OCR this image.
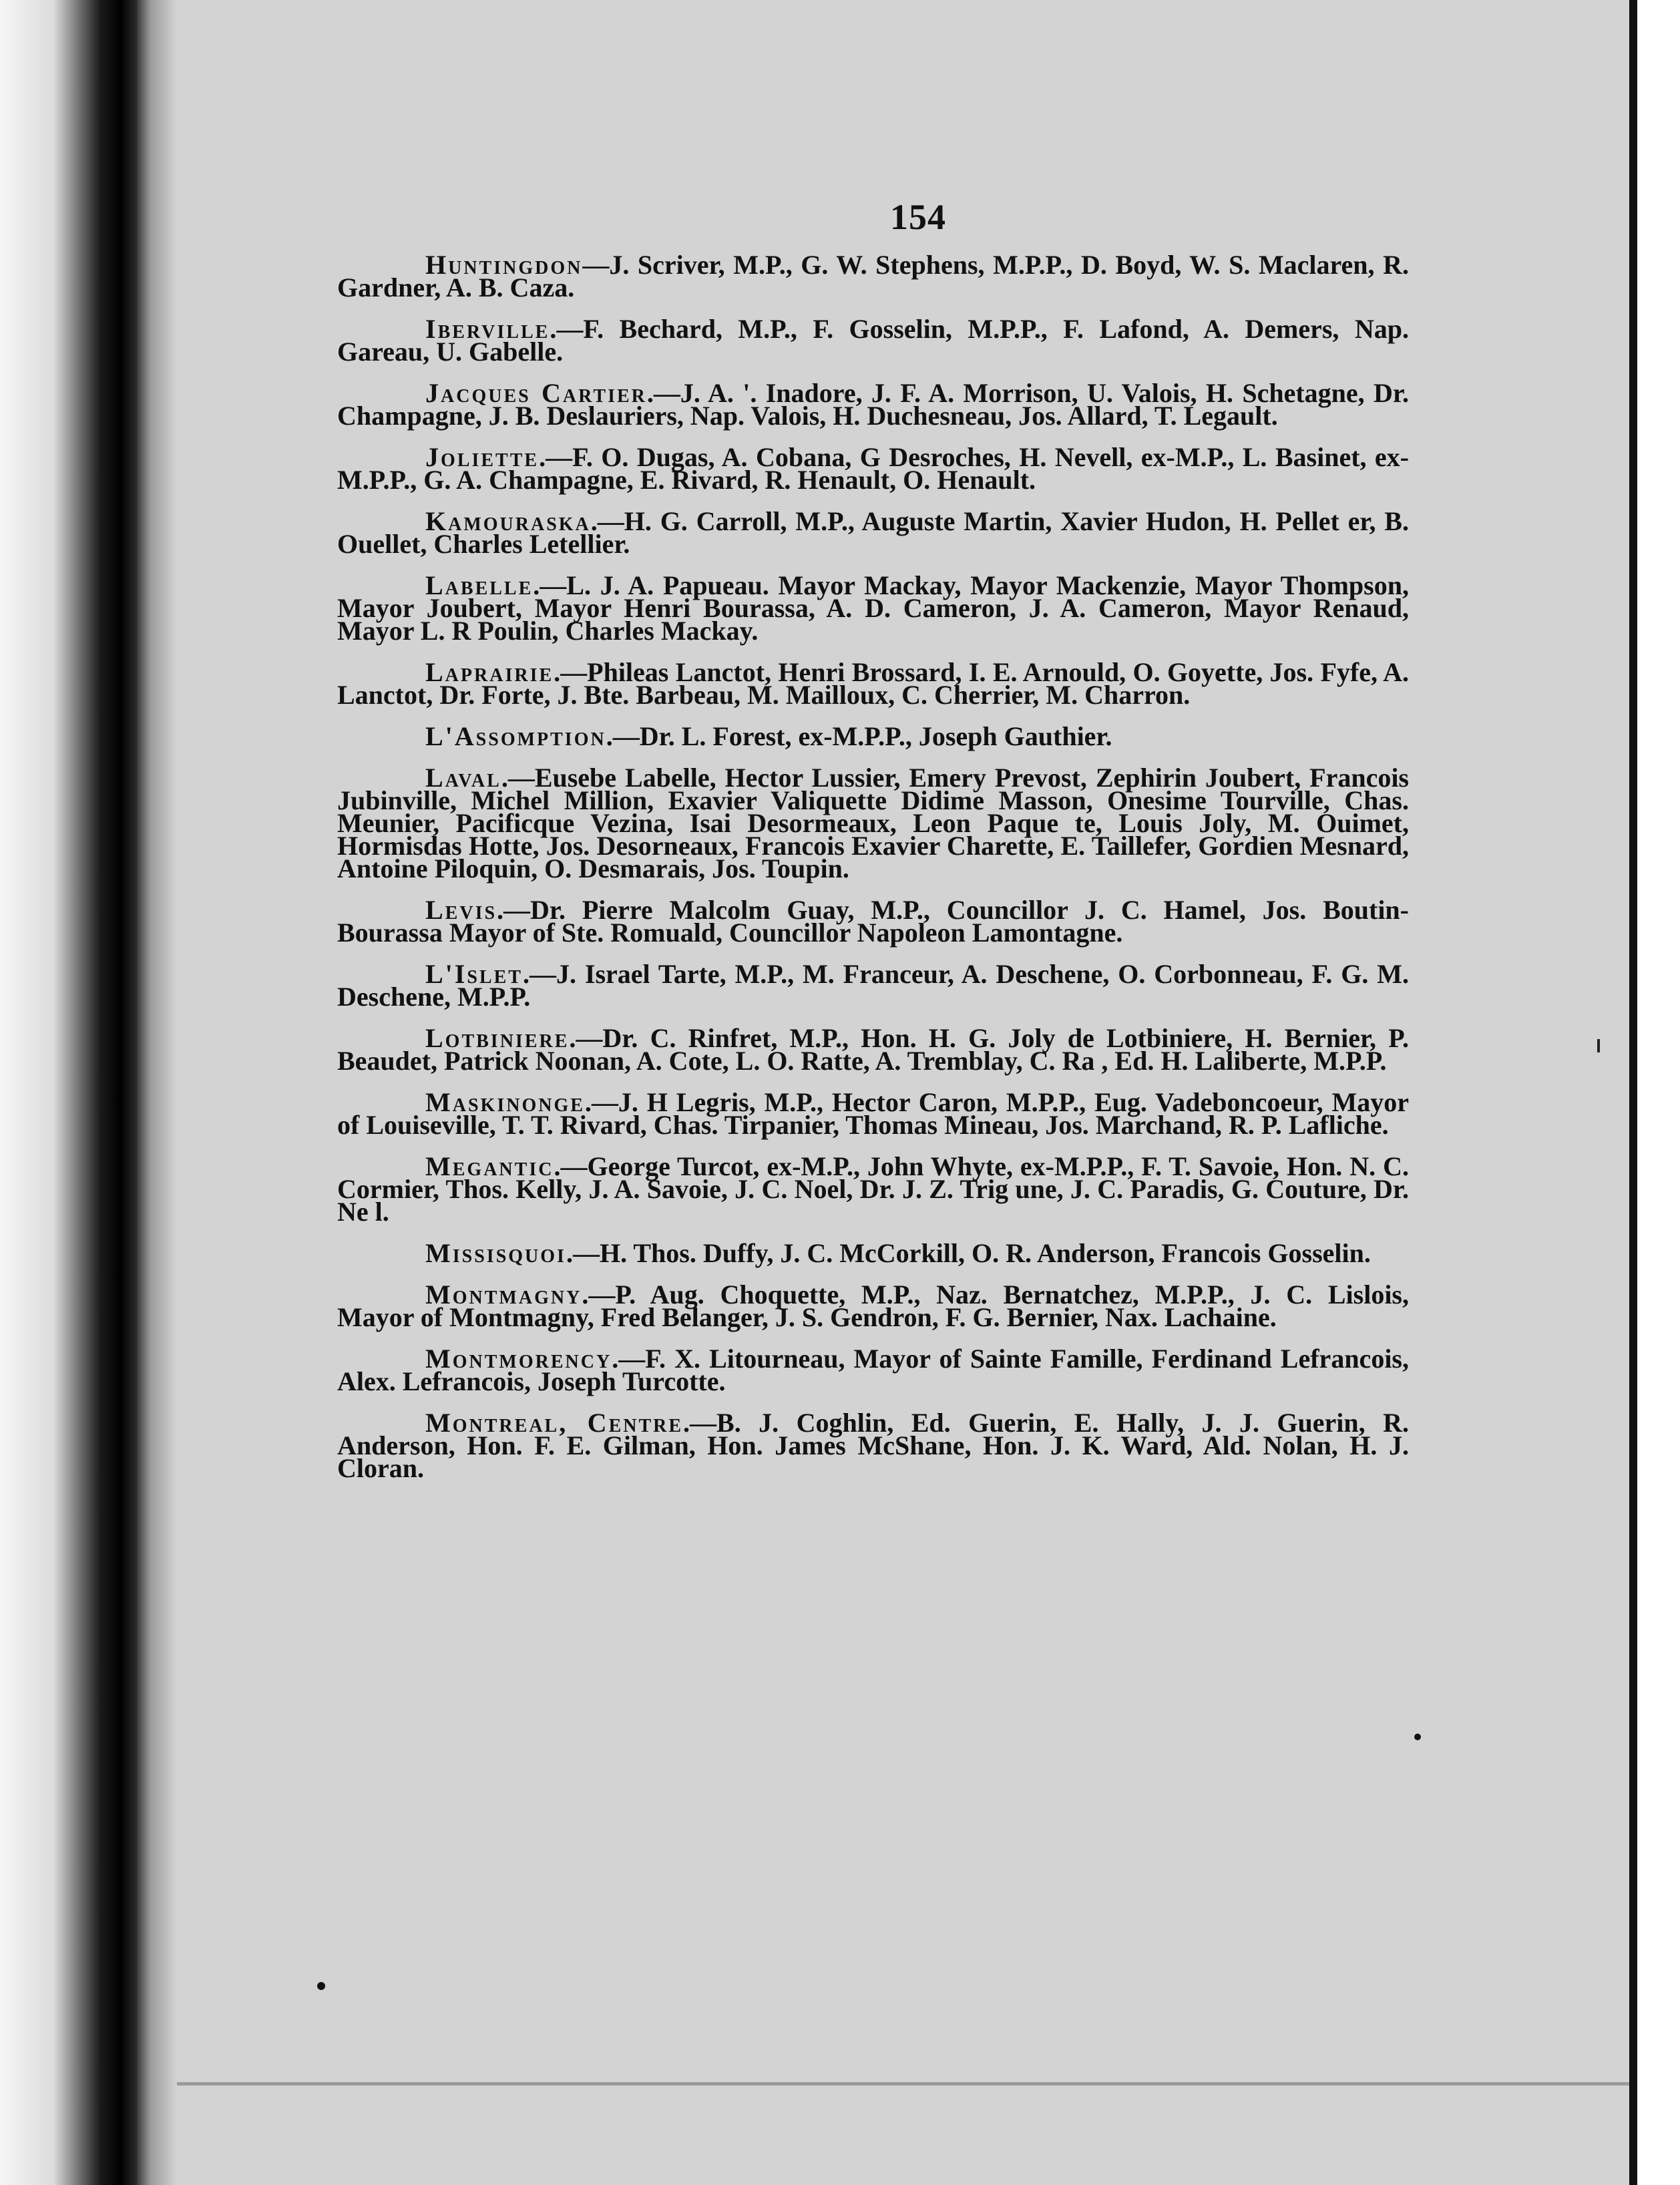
154

Huntingdon—J. Scriver, M.P., G. W. Stephens, M.P.P., D. Boyd, W. S. Maclaren, R. Gardner, A. B. Caza.

Iberville.—F. Bechard, M.P., F. Gosselin, M.P.P., F. Lafond, A. Demers, Nap. Gareau, U. Gabelle.

Jacques Cartier.—J. A. '. Inadore, J. F. A. Morrison, U. Valois, H. Schetagne, Dr. Champagne, J. B. Deslauriers, Nap. Valois, H. Duchesneau, Jos. Allard, T. Legault.

Joliette.—F. O. Dugas, A. Cobana, G Desroches, H. Nevell, ex-M.P., L. Basinet, ex-M.P.P., G. A. Champagne, E. Rivard, R. Henault, O. Henault.

Kamouraska.—H. G. Carroll, M.P., Auguste Martin, Xavier Hudon, H. Pellet er, B. Ouellet, Charles Letellier.

Labelle.—L. J. A. Papueau. Mayor Mackay, Mayor Mackenzie, Mayor Thompson, Mayor Joubert, Mayor Henri Bourassa, A. D. Cameron, J. A. Cameron, Mayor Renaud, Mayor L. R Poulin, Charles Mackay.

Laprairie.—Phileas Lanctot, Henri Brossard, I. E. Arnould, O. Goyette, Jos. Fyfe, A. Lanctot, Dr. Forte, J. Bte. Barbeau, M. Mailloux, C. Cherrier, M. Charron.

L'Assomption.—Dr. L. Forest, ex-M.P.P., Joseph Gauthier.

Laval.—Eusebe Labelle, Hector Lussier, Emery Prevost, Zephirin Joubert, Francois Jubinville, Michel Million, Exavier Valiquette Didime Masson, Onesime Tourville, Chas. Meunier, Pacificque Vezina, Isai Desormeaux, Leon Paque te, Louis Joly, M. Ouimet, Hormisdas Hotte, Jos. Desorneaux, Francois Exavier Charette, E. Taillefer, Gordien Mesnard, Antoine Piloquin, O. Desmarais, Jos. Toupin.

Levis.—Dr. Pierre Malcolm Guay, M.P., Councillor J. C. Hamel, Jos. Boutin-Bourassa Mayor of Ste. Romuald, Councillor Napoleon Lamontagne.

L'Islet.—J. Israel Tarte, M.P., M. Franceur, A. Deschene, O. Corbonneau, F. G. M. Deschene, M.P.P.

Lotbiniere.—Dr. C. Rinfret, M.P., Hon. H. G. Joly de Lotbiniere, H. Bernier, P. Beaudet, Patrick Noonan, A. Cote, L. O. Ratte, A. Tremblay, C. Ra , Ed. H. Laliberte, M.P.P.

Maskinonge.—J. H Legris, M.P., Hector Caron, M.P.P., Eug. Vadeboncoeur, Mayor of Louiseville, T. T. Rivard, Chas. Tirpanier, Thomas Mineau, Jos. Marchand, R. P. Lafliche.

Megantic.—George Turcot, ex-M.P., John Whyte, ex-M.P.P., F. T. Savoie, Hon. N. C. Cormier, Thos. Kelly, J. A. Savoie, J. C. Noel, Dr. J. Z. Trig une, J. C. Paradis, G. Couture, Dr. Ne l.

Missisquoi.—H. Thos. Duffy, J. C. McCorkill, O. R. Anderson, Francois Gosselin.

Montmagny.—P. Aug. Choquette, M.P., Naz. Bernatchez, M.P.P., J. C. Lislois, Mayor of Montmagny, Fred Belanger, J. S. Gendron, F. G. Bernier, Nax. Lachaine.

Montmorency.—F. X. Litourneau, Mayor of Sainte Famille, Ferdinand Lefrancois, Alex. Lefrancois, Joseph Turcotte.

Montreal, Centre.—B. J. Coghlin, Ed. Guerin, E. Hally, J. J. Guerin, R. Anderson, Hon. F. E. Gilman, Hon. James McShane, Hon. J. K. Ward, Ald. Nolan, H. J. Cloran.
